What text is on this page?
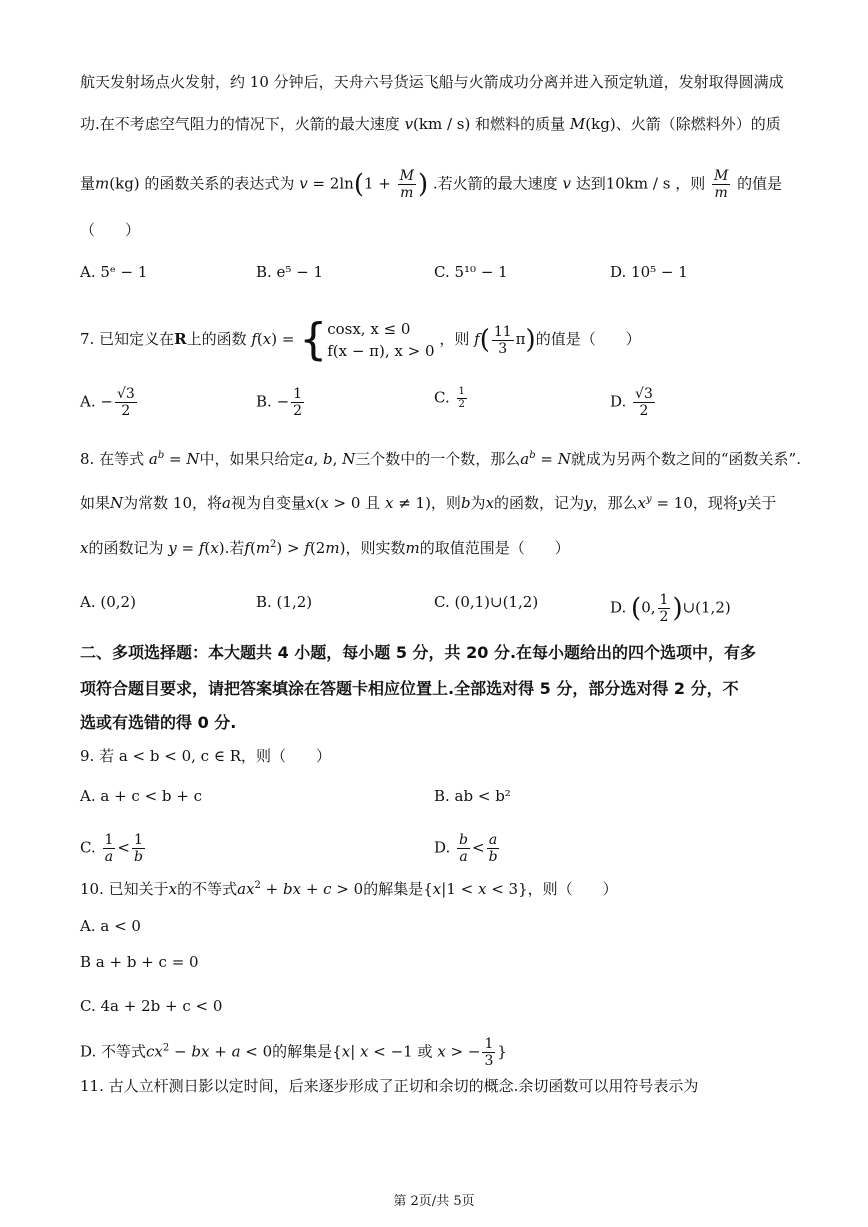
航天发射场点火发射，约 10 分钟后，天舟六号货运飞船与火箭成功分离并进入预定轨道，发射取得圆满成
功.在不考虑空气阻力的情况下，火箭的最大速度 v(km / s) 和燃料的质量 M(kg)、火箭（除燃料外）的质
量m(kg) 的函数关系的表达式为 $v = 2\ln(1 + \frac{M}{m}$ ) .若火箭的最大速度 v 达到10km / s ，则 $\frac{M}{m}$ 的值是
（　　）
A. 5ᵉ − 1	B. e⁵ − 1	C. 5¹⁰ − 1	D. 10⁵ − 1
7. 已知定义在R上的函数 f(x) = { cosx, x ≤ 0
f(x − π), x > 0
，则 $f( \frac{11}{3} \pi)$的值是（　　）
A. − $\frac{√3}{2}$	B. − $\frac{1}{2}$	C. $\frac{1}{2}$	D. $\frac{√3}{2}$
8. 在等式 $a^b = N$中，如果只给定a, b, N三个数中的一个数，那么$a^b = N$就成为另两个数之间的“函数关系”.
如果N为常数 10，将a视为自变量x(x > 0 且 x ≠ 1)，则b为x的函数，记为y，那么$x^y = 10$，现将y关于
x的函数记为 y = f(x).若$f(m^2) > f(2m)$，则实数m的取值范围是（　　）
A. (0,2)	B. (1,2)	C. (0,1)∪(1,2)	D. (0, $\frac{1}{2}$ )∪(1,2)
二、多项选择题：本大题共 4 小题，每小题 5 分，共 20 分.在每小题给出的四个选项中，有多
项符合题目要求，请把答案填涂在答题卡相应位置上.全部选对得 5 分，部分选对得 2 分，不
选或有选错的得 0 分.
9. 若 a < b < 0, c ∈ R，则（　　）
A. a + c < b + c	B. ab < b²
C. $\frac{1}{a} < \frac{1}{b}$	D. $\frac{b}{a} < \frac{a}{b}$
10. 已知关于x的不等式$ax^2$ + bx + c > 0的解集是{x|1 < x < 3}，则（　　）
A. a < 0
B a + b + c = 0
C. 4a + 2b + c < 0
D. 不等式$cx^2$ − bx + a < 0的解集是{x| x < −1 或 x > − $\frac{1}{3}$ }
11. 古人立杆测日影以定时间，后来逐步形成了正切和余切的概念.余切函数可以用符号表示为
第 2页/共 5页
